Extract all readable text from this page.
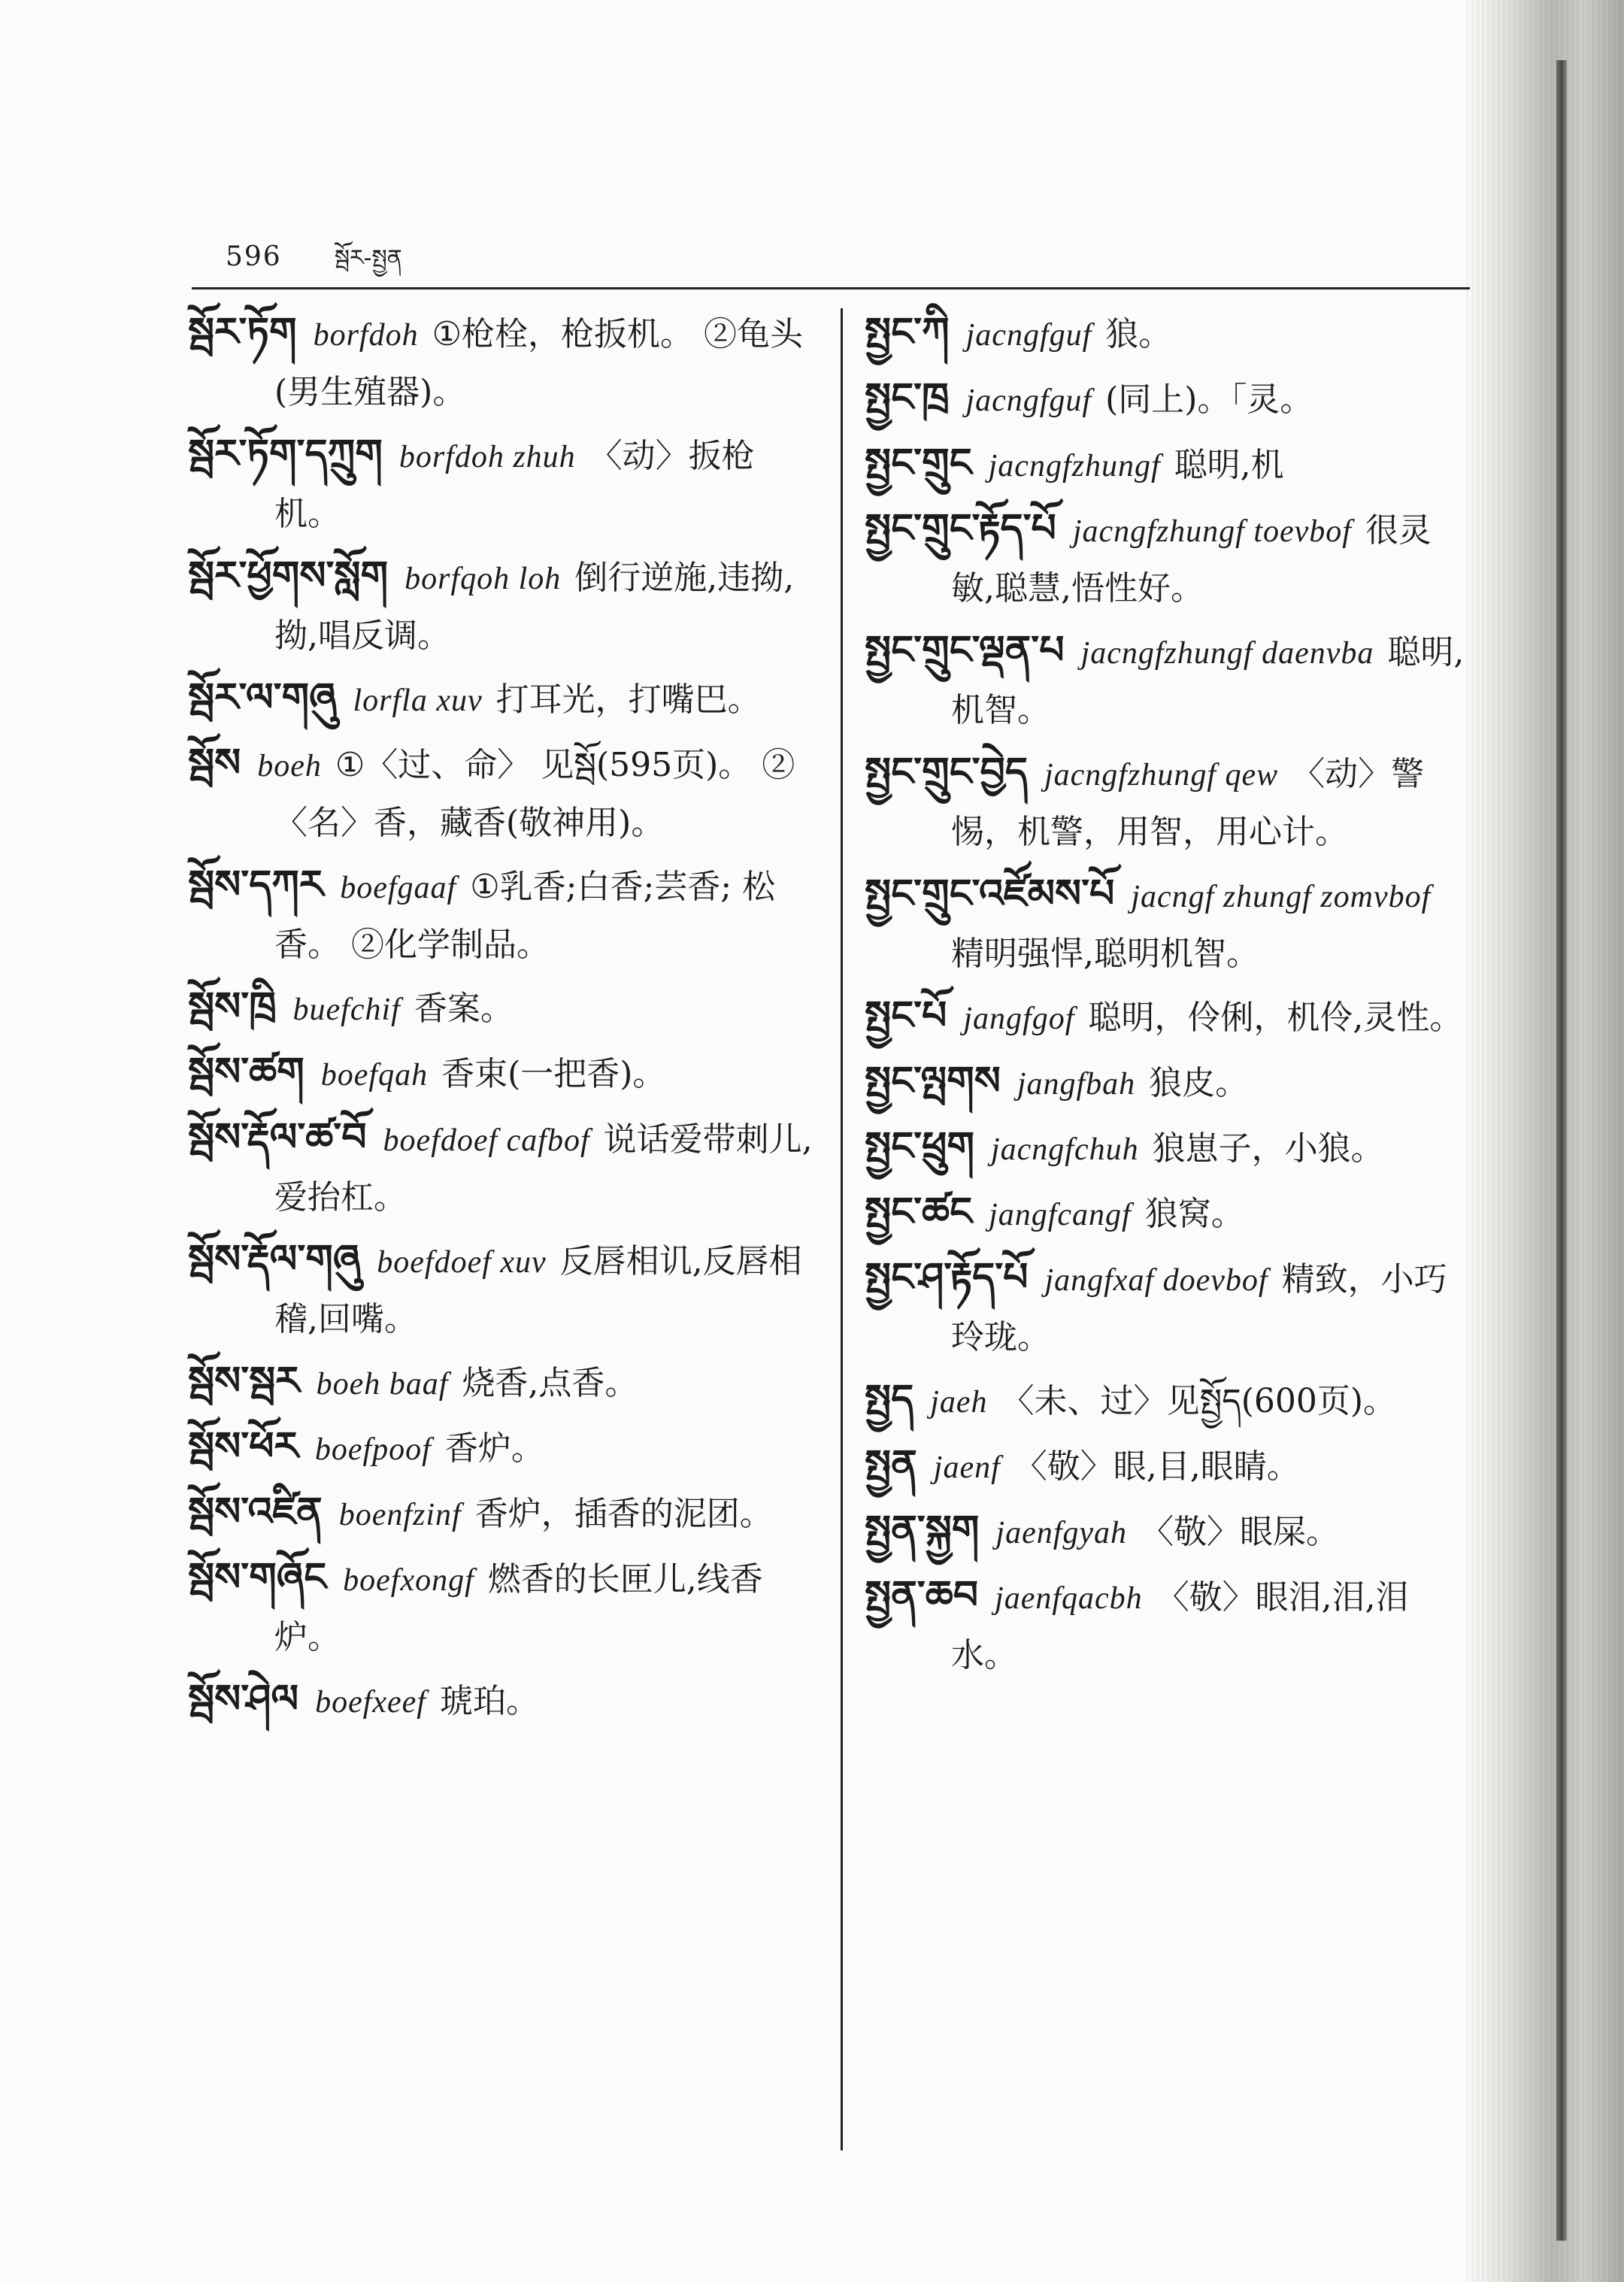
596 སྦོར-སྤྱན
སྦོར་ཏོག borfdoh ①枪栓，枪扳机。 ②龟头(男生殖器)。
སྦོར་ཏོག་དཀྲུག borfdoh zhuh 〈动〉扳枪机。
སྦོར་ཕྱོགས་སློག borfqoh loh 倒行逆施,违拗,拗,唱反调。
སྦོར་ལ་གཞུ lorfla xuv 打耳光，打嘴巴。
སྦོས boeh ①〈过、命〉 见སྦོ(595页)。 ②〈名〉香，藏香(敬神用)。
སྦོས་དཀར boefgaaf ①乳香;白香;芸香; 松香。 ②化学制品。
སྦོས་ཁྲི buefchif 香案。
སྦོས་ཚག boefqah 香束(一把香)。
སྦོས་རྡོལ་ཚ་བོ boefdoef cafbof 说话爱带刺儿,爱抬杠。
སྦོས་རྡོལ་གཞུ boefdoef xuv 反唇相讥,反唇相稽,回嘴。
སྦོས་སྦར boeh baaf 烧香,点香。
སྦོས་ཕོར boefpoof 香炉。
སྦོས་འཛིན boenfzinf 香炉，插香的泥团。
སྦོས་གཞོང boefxongf 燃香的长匣儿,线香炉。
སྦོས་ཤེལ boefxeef 琥珀。
སྤྱང་ཀི jacngfguf 狼。
སྤྱང་ཁྲ jacngfguf (同上)。「灵。
སྤྱང་གྲུང jacngfzhungf 聪明,机
སྤྱང་གྲུང་རྟོད་པོ jacngfzhungf toevbof 很灵敏,聪慧,悟性好。
སྤྱང་གྲུང་ལྡན་པ jacngfzhungf daenvba 聪明,机智。
སྤྱང་གྲུང་བྱེད jacngfzhungf qew 〈动〉警惕，机警，用智，用心计。
སྤྱང་གྲུང་འཛོམས་པོ jacngf zhungf zomvbof精明强悍,聪明机智。
སྤྱང་པོ jangfgof 聪明，伶俐，机伶,灵性。
སྤྱང་ལྤགས jangfbah 狼皮。
སྤྱང་ཕྲུག jacngfchuh 狼崽子，小狼。
སྤྱང་ཚང jangfcangf 狼窝。
སྤྱང་ཤ་རྟོད་པོ jangfxaf doevbof 精致，小巧玲珑。
སྤྱད jaeh 〈未、过〉见སྤྱོད(600页)。
སྤྱན jaenf 〈敬〉眼,目,眼睛。
སྤྱན་སྐྱག jaenfgyah 〈敬〉眼屎。
སྤྱན་ཆབ jaenfqacbh 〈敬〉眼泪,泪,泪水。
